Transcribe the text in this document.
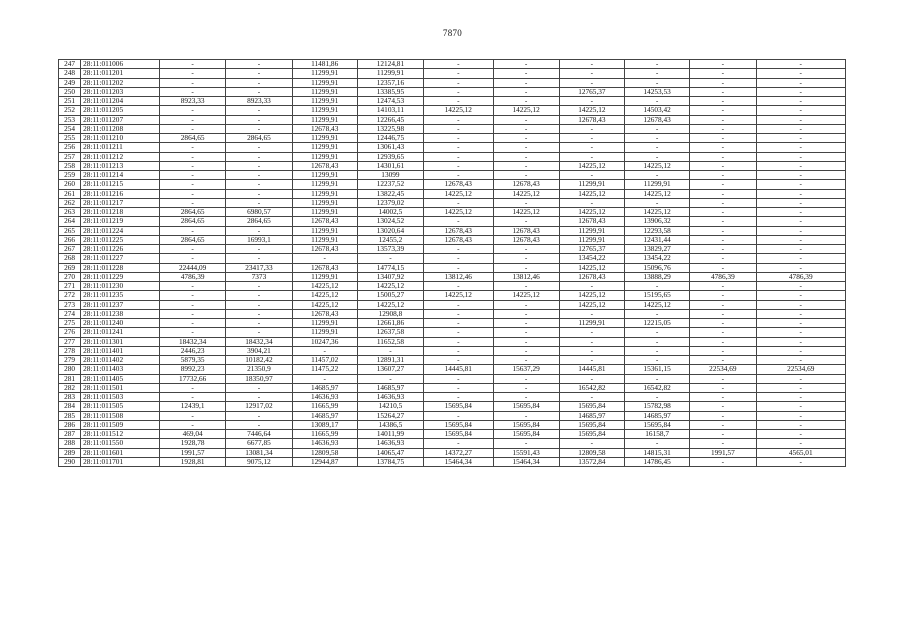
7870
247	28:11:011006	-	-	11481,86	12124,81	-	-	-	-	-	-
248	28:11:011201	-	-	11299,91	11299,91	-	-	-	-	-	-
249	28:11:011202	-	-	11299,91	12357,16	-	-	-	-	-	-
250	28:11:011203	-	-	11299,91	13385,95	-	-	12765,37	14253,53	-	-
251	28:11:011204	8923,33	8923,33	11299,91	12474,53	-	-	-	-	-	-
252	28:11:011205	-	-	11299,91	14103,11	14225,12	14225,12	14225,12	14503,42	-	-
253	28:11:011207	-	-	11299,91	12266,45	-	-	12678,43	12678,43	-	-
254	28:11:011208	-	-	12678,43	13225,98	-	-	-	-	-	-
255	28:11:011210	2864,65	2864,65	11299,91	12446,75	-	-	-	-	-	-
256	28:11:011211	-	-	11299,91	13061,43	-	-	-	-	-	-
257	28:11:011212	-	-	11299,91	12939,65	-	-	-	-	-	-
258	28:11:011213	-	-	12678,43	14301,61	-	-	14225,12	14225,12	-	-
259	28:11:011214	-	-	11299,91	13099	-	-	-	-	-	-
260	28:11:011215	-	-	11299,91	12237,52	12678,43	12678,43	11299,91	11299,91	-	-
261	28:11:011216	-	-	11299,91	13822,45	14225,12	14225,12	14225,12	14225,12	-	-
262	28:11:011217	-	-	11299,91	12379,02	-	-	-	-	-	-
263	28:11:011218	2864,65	6980,57	11299,91	14002,5	14225,12	14225,12	14225,12	14225,12	-	-
264	28:11:011219	2864,65	2864,65	12678,43	13024,52	-	-	12678,43	13906,32	-	-
265	28:11:011224	-	-	11299,91	13020,64	12678,43	12678,43	11299,91	12293,58	-	-
266	28:11:011225	2864,65	16993,1	11299,91	12455,2	12678,43	12678,43	11299,91	12431,44	-	-
267	28:11:011226	-	-	12678,43	13573,39	-	-	12765,37	13829,27	-	-
268	28:11:011227	-	-	-	-	-	-	13454,22	13454,22	-	-
269	28:11:011228	22444,09	23417,33	12678,43	14774,15	-	-	14225,12	15096,76	-	-
270	28:11:011229	4786,39	7373	11299,91	13407,92	13812,46	13812,46	12678,43	13888,29	4786,39	4786,39
271	28:11:011230	-	-	14225,12	14225,12	-	-	-	-	-	-
272	28:11:011235	-	-	14225,12	15005,27	14225,12	14225,12	14225,12	15195,65	-	-
273	28:11:011237	-	-	14225,12	14225,12	-	-	14225,12	14225,12	-	-
274	28:11:011238	-	-	12678,43	12908,8	-	-	-	-	-	-
275	28:11:011240	-	-	11299,91	12661,86	-	-	11299,91	12215,05	-	-
276	28:11:011241	-	-	11299,91	12637,58	-	-	-	-	-	-
277	28:11:011301	18432,34	18432,34	10247,36	11652,58	-	-	-	-	-	-
278	28:11:011401	2446,23	3904,21	-	-	-	-	-	-	-	-
279	28:11:011402	5879,35	10182,42	11457,02	12891,31	-	-	-	-	-	-
280	28:11:011403	8992,23	21350,9	11475,22	13607,27	14445,81	15637,29	14445,81	15361,15	22534,69	22534,69
281	28:11:011405	17732,66	18350,97	-	-	-	-	-	-	-	-
282	28:11:011501	-	-	14685,97	14685,97	-	-	16542,82	16542,82	-	-
283	28:11:011503	-	-	14636,93	14636,93	-	-	-	-	-	-
284	28:11:011505	12439,1	12917,02	11665,99	14210,5	15695,84	15695,84	15695,84	15782,98	-	-
285	28:11:011508	-	-	14685,97	15264,27	-	-	14685,97	14685,97	-	-
286	28:11:011509	-	-	13089,17	14386,5	15695,84	15695,84	15695,84	15695,84	-	-
287	28:11:011512	469,04	7446,64	11665,99	14011,99	15695,84	15695,84	15695,84	16158,7	-	-
288	28:11:011550	1928,78	6677,85	14636,93	14636,93	-	-	-	-	-	-
289	28:11:011601	1991,57	13081,34	12809,58	14065,47	14372,27	15591,43	12809,58	14815,31	1991,57	4565,01
290	28:11:011701	1928,81	9075,12	12944,87	13784,75	15464,34	15464,34	13572,84	14786,45	-	-
